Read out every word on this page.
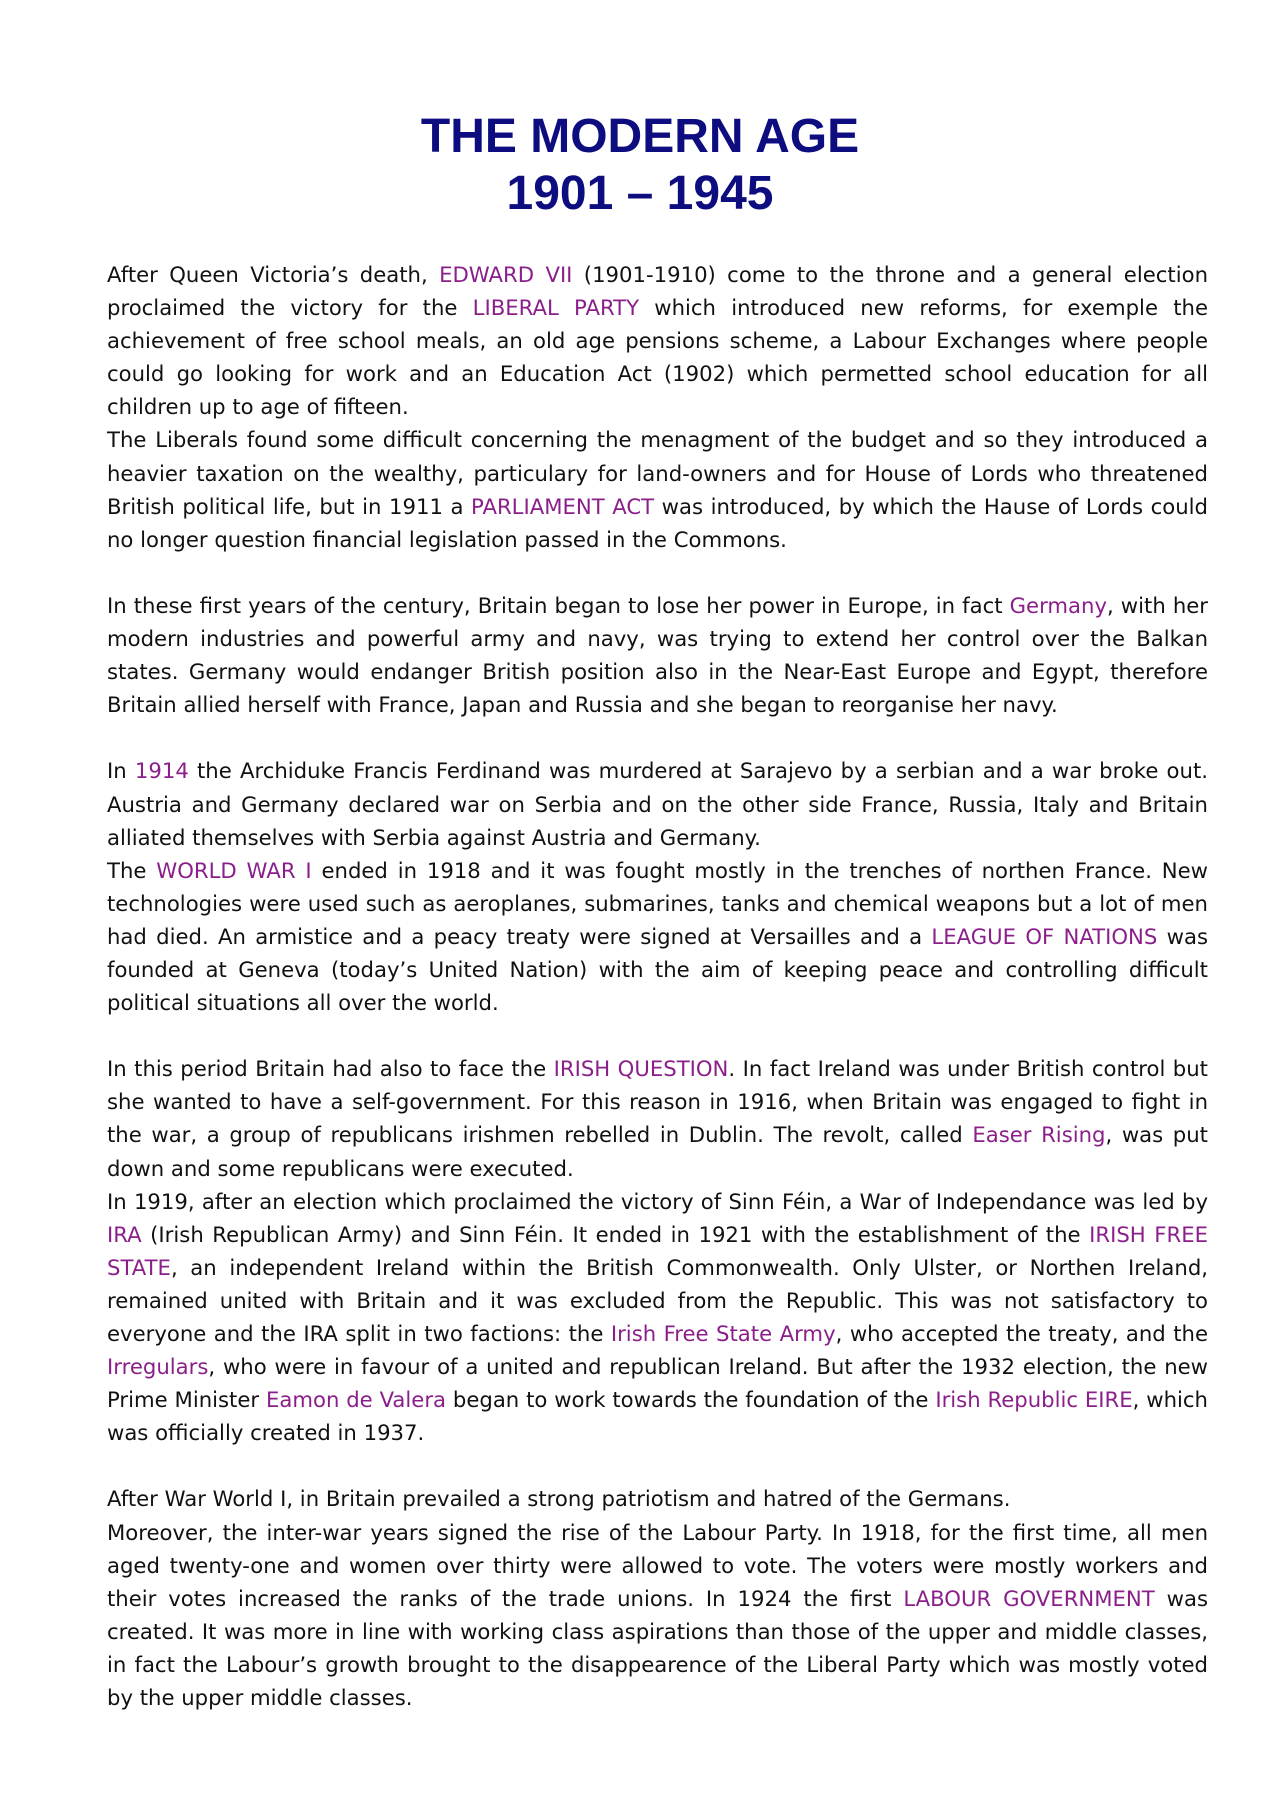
THE MODERN AGE
1901 – 1945

After Queen Victoria’s death, EDWARD VII (1901-1910) come to the throne and a general election proclaimed the victory for the LIBERAL PARTY which introduced new reforms, for exemple the achievement of free school meals, an old age pensions scheme, a Labour Exchanges where people could go looking for work and an Education Act (1902) which permetted school education for all children up to age of fifteen.

The Liberals found some difficult concerning the menagment of the budget and so they introduced a heavier taxation on the wealthy, particulary for land-owners and for House of Lords who threatened British political life, but in 1911 a PARLIAMENT ACT was introduced, by which the Hause of Lords could no longer question financial legislation passed in the Commons.

In these first years of the century, Britain began to lose her power in Europe, in fact Germany, with her modern industries and powerful army and navy, was trying to extend her control over the Balkan states. Germany would endanger British position also in the Near-East Europe and Egypt, therefore Britain allied herself with France, Japan and Russia and she began to reorganise her navy.

In 1914 the Archiduke Francis Ferdinand was murdered at Sarajevo by a serbian and a war broke out. Austria and Germany declared war on Serbia and on the other side France, Russia, Italy and Britain alliated themselves with Serbia against Austria and Germany.

The WORLD WAR I ended in 1918 and it was fought mostly in the trenches of northen France. New technologies were used such as aeroplanes, submarines, tanks and chemical weapons but a lot of men had died. An armistice and a peacy treaty were signed at Versailles and a LEAGUE OF NATIONS was founded at Geneva (today’s United Nation) with the aim of keeping peace and controlling difficult political situations all over the world.

In this period Britain had also to face the IRISH QUESTION. In fact Ireland was under British control but she wanted to have a self-government. For this reason in 1916, when Britain was engaged to fight in the war, a group of republicans irishmen rebelled in Dublin. The revolt, called Easer Rising, was put down and some republicans were executed.

In 1919, after an election which proclaimed the victory of Sinn Féin, a War of Independance was led by IRA (Irish Republican Army) and Sinn Féin. It ended in 1921 with the establishment of the IRISH FREE STATE, an independent Ireland within the British Commonwealth. Only Ulster, or Northen Ireland, remained united with Britain and it was excluded from the Republic. This was not satisfactory to everyone and the IRA split in two factions: the Irish Free State Army, who accepted the treaty, and the Irregulars, who were in favour of a united and republican Ireland. But after the 1932 election, the new Prime Minister Eamon de Valera began to work towards the foundation of the Irish Republic EIRE, which was officially created in 1937.

After War World I, in Britain prevailed a strong patriotism and hatred of the Germans.

Moreover, the inter-war years signed the rise of the Labour Party. In 1918, for the first time, all men aged twenty-one and women over thirty were allowed to vote. The voters were mostly workers and their votes increased the ranks of the trade unions. In 1924 the first LABOUR GOVERNMENT was created. It was more in line with working class aspirations than those of the upper and middle classes, in fact the Labour’s growth brought to the disappearence of the Liberal Party which was mostly voted by the upper middle classes.
